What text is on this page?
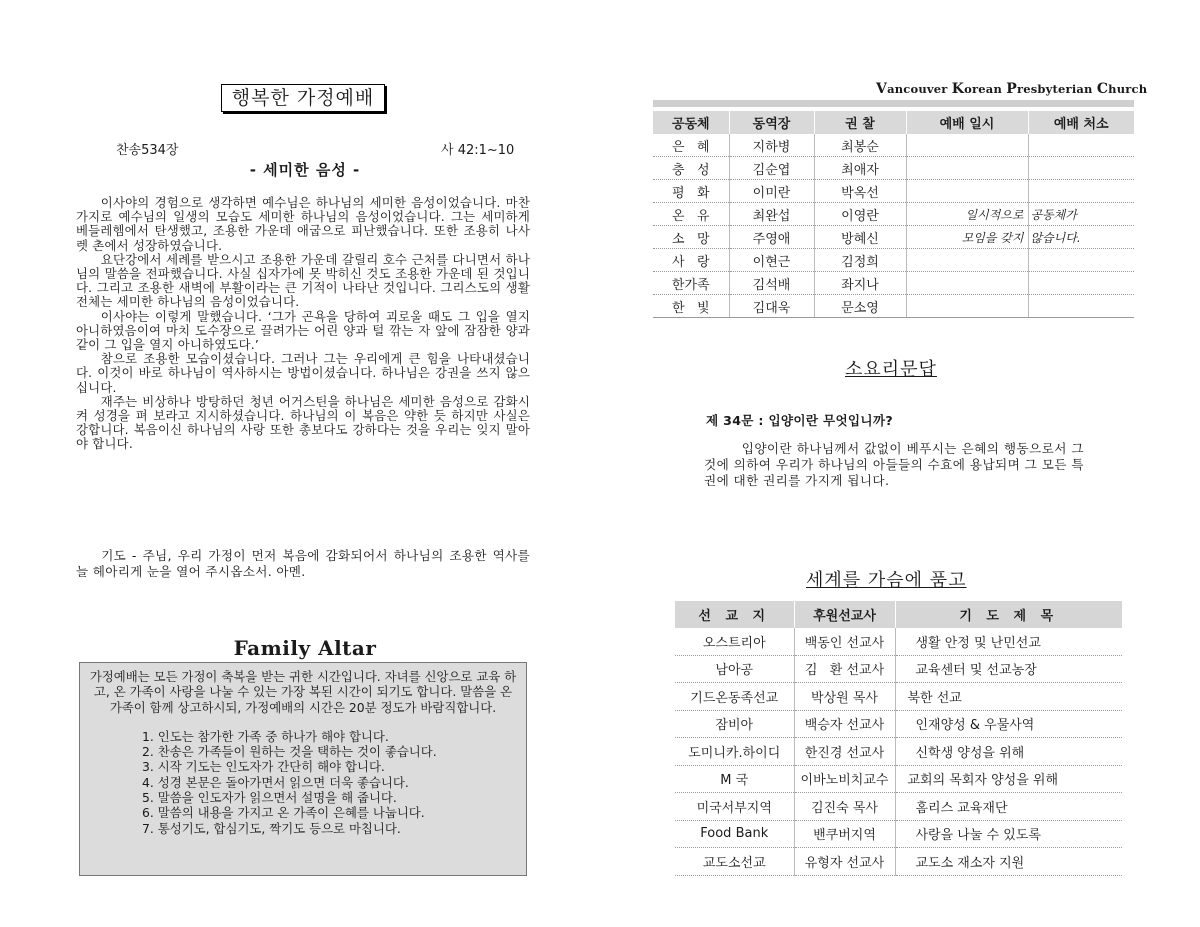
행복한 가정예배
찬송534장	사 42:1~10
- 세미한 음성 -

이사야의 경험으로 생각하면 예수님은 하나님의 세미한 음성이었습니다. 마찬가지로 예수님의 일생의 모습도 세미한 하나님의 음성이었습니다. 그는 세미하게 베들레헴에서 탄생했고, 조용한 가운데 애굽으로 피난했습니다. 또한 조용히 나사렛 촌에서 성장하였습니다.

요단강에서 세례를 받으시고 조용한 가운데 갈릴리 호수 근처를 다니면서 하나님의 말씀을 전파했습니다. 사실 십자가에 못 박히신 것도 조용한 가운데 된 것입니다. 그리고 조용한 새벽에 부활이라는 큰 기적이 나타난 것입니다. 그리스도의 생활 전체는 세미한 하나님의 음성이었습니다.

이사야는 이렇게 말했습니다. ‘그가 곤욕을 당하여 괴로울 때도 그 입을 열지 아니하였음이여 마치 도수장으로 끌려가는 어린 양과 털 깎는 자 앞에 잠잠한 양과 같이 그 입을 열지 아니하였도다.’

참으로 조용한 모습이셨습니다. 그러나 그는 우리에게 큰 힘을 나타내셨습니다. 이것이 바로 하나님이 역사하시는 방법이셨습니다. 하나님은 강권을 쓰지 않으십니다.

재주는 비상하나 방탕하던 청년 어거스틴을 하나님은 세미한 음성으로 감화시켜 성경을 펴 보라고 지시하셨습니다. 하나님의 이 복음은 약한 듯 하지만 사실은 강합니다. 복음이신 하나님의 사랑 또한 총보다도 강하다는 것을 우리는 잊지 말아야 합니다.

기도 - 주님, 우리 가정이 먼저 복음에 감화되어서 하나님의 조용한 역사를 늘 헤아리게 눈을 열어 주시옵소서. 아멘.

Family Altar

가정예배는 모든 가정이 축복을 받는 귀한 시간입니다. 자녀를 신앙으로 교육 하고, 온 가족이 사랑을 나눌 수 있는 가장 복된 시간이 되기도 합니다. 말씀을 온 가족이 함께 상고하시되, 가정예배의 시간은 20분 정도가 바람직합니다.

1. 인도는 참가한 가족 중 하나가 해야 합니다.
2. 찬송은 가족들이 원하는 것을 택하는 것이 좋습니다.
3. 시작 기도는 인도자가 간단히 해야 합니다.
4. 성경 본문은 돌아가면서 읽으면 더욱 좋습니다.
5. 말씀을 인도자가 읽으면서 설명을 해 줍니다.
6. 말씀의 내용을 가지고 온 가족이 은혜를 나눕니다.
7. 통성기도, 합심기도, 짝기도 등으로 마칩니다.
Vancouver Korean Presbyterian Church
공동체	동역장	권 찰	예배 일시	예배 처소
은   혜	지하병	최봉순		
충   성	김순엽	최애자		
평   화	이미란	박옥선		
온   유	최완섭	이영란	일시적으로	공동체가
소   망	주영애	방혜신	모임을 갖지	않습니다.
사   랑	이현근	김정희		
한가족	김석배	좌지나		
한   빛	김대욱	문소영		
소요리문답
제 34문 : 입양이란 무엇입니까?

입양이란 하나님께서 값없이 베푸시는 은혜의 행동으로서 그것에 의하여 우리가 하나님의 아들들의 수효에 용납되며 그 모든 특권에 대한 권리를 가지게 됩니다.

세계를 가슴에 품고
선 교 지	후원선교사	기 도 제 목
오스트리아	백동인 선교사	생활 안정 및 난민선교
남아공	김   환 선교사	교육센터 및 선교농장
기드온동족선교	박상원 목사	북한 선교
잠비아	백승자 선교사	인재양성 & 우물사역
도미니카.하이디	한진경 선교사	신학생 양성을 위해
M 국	이바노비치교수	교회의 목회자 양성을 위해
미국서부지역	김진숙 목사	홈리스 교육재단
Food Bank	밴쿠버지역	사랑을 나눌 수 있도록
교도소선교	유형자 선교사	교도소 재소자 지원
